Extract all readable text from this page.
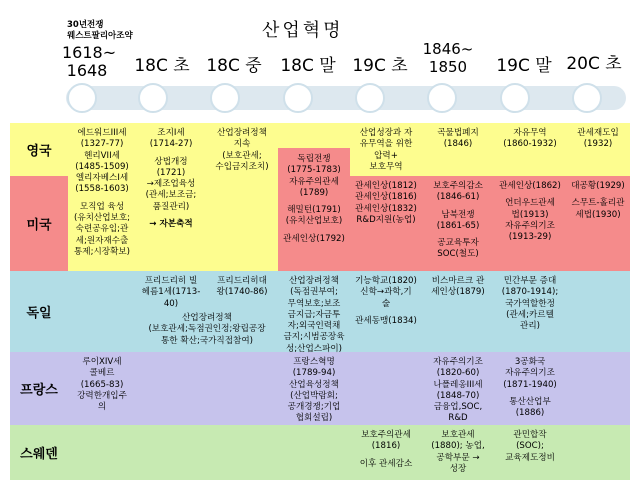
30년전쟁
웨스트팔리아조약	산업혁명
1618~
1648 18C 초 18C 중 18C 말 19C 초
1846~
1850	19C 말 20C 초
영국
미국
독일
프랑스
스웨덴
에드워드III세
(1327-77)
헨리VII세
(1485-1509)
엘리자베스I세
(1558-1603)
모직업 육성
(유치산업보호;
숙련공유입;관
세;원자재수출
통제;시장확보)
조지I세
(1714-27)
상법개정
(1721)
→제조업육성
(관세;보조금;
품질관리)
→ 자본축적
산업장려정책
지속
(보호관세;
수입금지조치)
독립전쟁
(1775-1783)
자유주의관세
(1789)
해밀턴(1791)
(유치산업보호)
관세인상(1792)
산업성장과 자
유무역을 위한
압력+
보호무역
관세인상(1812)
관세인상(1816)
관세인상(1832)
R&D지원(농업)
곡물법폐지
(1846)
보호주의감소
(1846-61)
남북전쟁
(1861-65)
공교육투자
SOC(철도)
자유무역
(1860-1932)
관세인상(1862)
언더우드관세
법(1913)
자유주의기조
(1913-29)
관세재도입
(1932)
대공황(1929)
스무트-홀리관
세법(1930)
프리드리히 빌
헤름1세(1713-
40)
프리드리히대
왕(1740-86)
산업장려정책
(보호관세;독점권인정;왕립공장
통한 확산;국가직접참여)
산업장려정책
(독점권부여;
무역보호;보조
금지급;자금투
자;외국인력채
금지;시범공장육
성;산업스파이)
기능학교(1820)
신학→과학,기
술
관세동맹(1834)
비스마르크 관
세인상(1879)
민간부문 증대
(1870-1914);
국가역할한정
(관세;카르텔
관리)
루이XIV세
콜베르
(1665-83)
강력한개입주
의
프랑스혁명
(1789-94)
산업육성정책
(산업박람회;
공개경쟁;기업
협회설립)
자유주의기조
(1820-60)
나폴레옹III세
(1848-70)
금융업,SOC,
R&D
3공화국
자유주의기조
(1871-1940)
통산산업부
(1886)
보호주의관세
(1816)
이후 관세감소
보호관세
(1880); 농업,
공학부문 →
성장
관민합작
(SOC);
교육제도정비
